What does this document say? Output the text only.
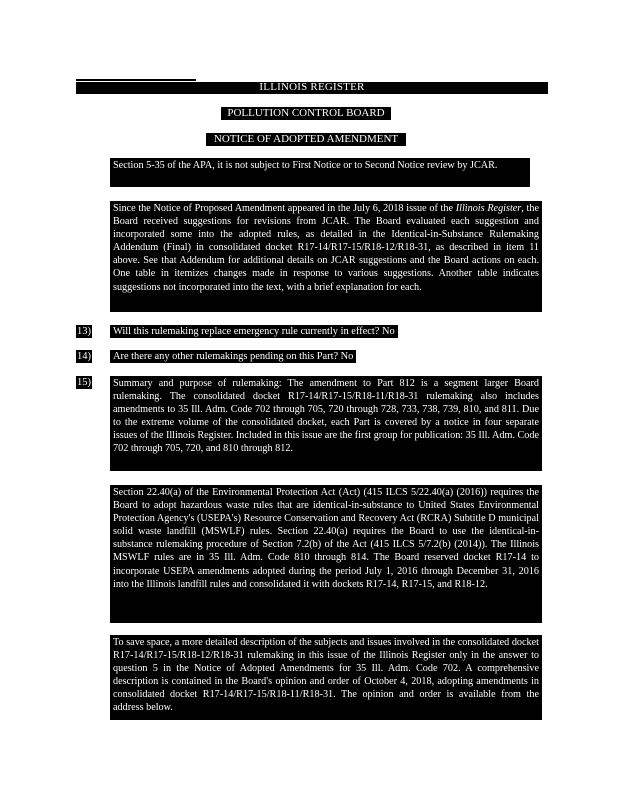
ILLINOIS REGISTER
POLLUTION CONTROL BOARD
NOTICE OF ADOPTED AMENDMENT
Section 5-35 of the APA, it is not subject to First Notice or to Second Notice review by JCAR.
Since the Notice of Proposed Amendment appeared in the July 6, 2018 issue of the Illinois Register, the Board received suggestions for revisions from JCAR. The Board evaluated each suggestion and incorporated some into the adopted rules, as detailed in the Identical-in-Substance Rulemaking Addendum (Final) in consolidated docket R17-14/R17-15/R18-12/R18-31, as described in item 11 above. See that Addendum for additional details on JCAR suggestions and the Board actions on each. One table in itemizes changes made in response to various suggestions. Another table indicates suggestions not incorporated into the text, with a brief explanation for each.
13) Will this rulemaking replace emergency rule currently in effect? No
14) Are there any other rulemakings pending on this Part? No
15) Summary and purpose of rulemaking: The amendment to Part 812 is a segment larger Board rulemaking. The consolidated docket R17-14/R17-15/R18-11/R18-31 rulemaking also includes amendments to 35 Ill. Adm. Code 702 through 705, 720 through 728, 733, 738, 739, 810, and 811. Due to the extreme volume of the consolidated docket, each Part is covered by a notice in four separate issues of the Illinois Register. Included in this issue are the first group for publication: 35 Ill. Adm. Code 702 through 705, 720, and 810 through 812.
Section 22.40(a) of the Environmental Protection Act (Act) (415 ILCS 5/22.40(a) (2016)) requires the Board to adopt hazardous waste rules that are identical-in-substance to United States Environmental Protection Agency's (USEPA's) Resource Conservation and Recovery Act (RCRA) Subtitle D municipal solid waste landfill (MSWLF) rules. Section 22.40(a) requires the Board to use the identical-in-substance rulemaking procedure of Section 7.2(b) of the Act (415 ILCS 5/7.2(b) (2014)). The Illinois MSWLF rules are in 35 Ill. Adm. Code 810 through 814. The Board reserved docket R17-14 to incorporate USEPA amendments adopted during the period July 1, 2016 through December 31, 2016 into the Illinois landfill rules and consolidated it with dockets R17-14, R17-15, and R18-12.
To save space, a more detailed description of the subjects and issues involved in the consolidated docket R17-14/R17-15/R18-12/R18-31 rulemaking in this issue of the Illinois Register only in the answer to question 5 in the Notice of Adopted Amendments for 35 Ill. Adm. Code 702. A comprehensive description is contained in the Board's opinion and order of October 4, 2018, adopting amendments in consolidated docket R17-14/R17-15/R18-11/R18-31. The opinion and order is available from the address below.
